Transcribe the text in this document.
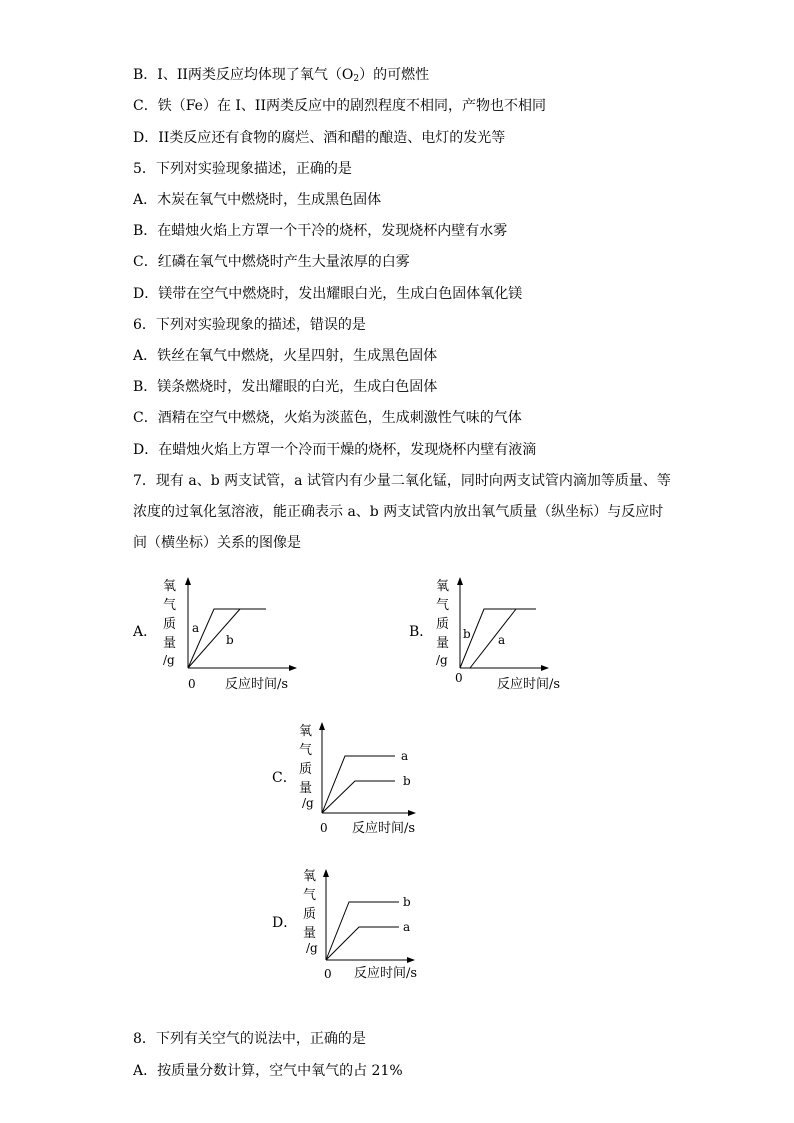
B．I、II两类反应均体现了氧气$(O_2)$的可燃性
C．铁（Fe）在 I、II两类反应中的剧烈程度不相同，产物也不相同
D．II类反应还有食物的腐烂、酒和醋的酿造、电灯的发光等
5．下列对实验现象描述，正确的是
A．木炭在氧气中燃烧时，生成黑色固体
B．在蜡烛火焰上方罩一个干冷的烧杯，发现烧杯内壁有水雾
C．红磷在氧气中燃烧时产生大量浓厚的白雾
D．镁带在空气中燃烧时，发出耀眼白光，生成白色固体氧化镁
6．下列对实验现象的描述，错误的是
A．铁丝在氧气中燃烧，火星四射，生成黑色固体
B．镁条燃烧时，发出耀眼的白光，生成白色固体
C．酒精在空气中燃烧，火焰为淡蓝色，生成刺激性气味的气体
D．在蜡烛火焰上方罩一个冷而干燥的烧杯，发现烧杯内壁有液滴
7．现有 a、b 两支试管，a 试管内有少量二氧化锰，同时向两支试管内滴加等质量、等
浓度的过氧化氢溶液，能正确表示 a、b 两支试管内放出氧气质量（纵坐标）与反应时
间（横坐标）关系的图像是
8．下列有关空气的说法中，正确的是
A．按质量分数计算，空气中氧气的占 21%
A．	B．
C．
D．
氧
气
质
量
/g
0 反应时间/s
a
b
氧
气
质
量
/g
0	反应时间/s
b a
氧
气
质
量
/g
0 反应时间/s
a
b
氧
气
质
量
/g
0 反应时间/s
b
a
